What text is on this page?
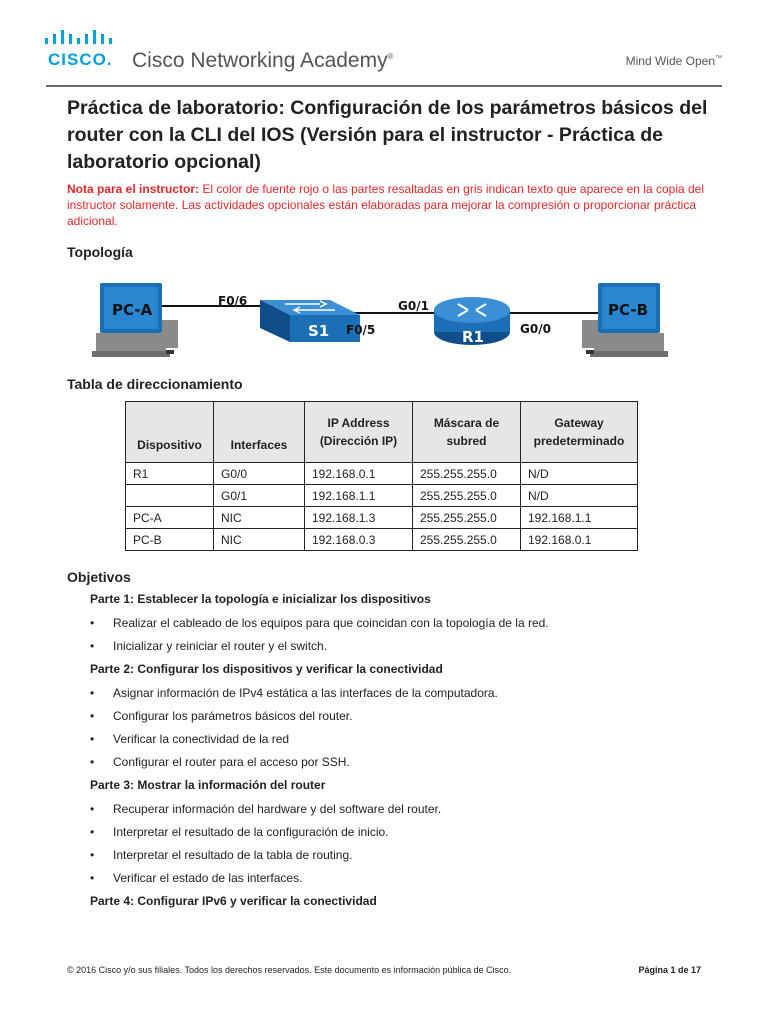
CISCO. Cisco Networking Academy®	Mind Wide Open™
Práctica de laboratorio: Configuración de los parámetros básicos del router con la CLI del IOS (Versión para el instructor - Práctica de laboratorio opcional)
Nota para el instructor: El color de fuente rojo o las partes resaltadas en gris indican texto que aparece en la copia del instructor solamente. Las actividades opcionales están elaboradas para mejorar la compresión o proporcionar práctica adicional.
Topología
PC-A
S1	R1
PC-B
F0/6
F0/5
G0/1
G0/0
Tabla de direccionamiento
Dispositivo	Interfaces	IP Address (Dirección IP)	Máscara de subred	Gateway predeterminado
R1	G0/0	192.168.0.1	255.255.255.0	N/D
	G0/1	192.168.1.1	255.255.255.0	N/D
PC-A	NIC	192.168.1.3	255.255.255.0	192.168.1.1
PC-B	NIC	192.168.0.3	255.255.255.0	192.168.0.1
Objetivos

Parte 1: Establecer la topología e inicializar los dispositivos

• Realizar el cableado de los equipos para que coincidan con la topología de la red.
• Inicializar y reiniciar el router y el switch.

Parte 2: Configurar los dispositivos y verificar la conectividad

• Asignar información de IPv4 estática a las interfaces de la computadora.
• Configurar los parámetros básicos del router.
• Verificar la conectividad de la red
• Configurar el router para el acceso por SSH.

Parte 3: Mostrar la información del router

• Recuperar información del hardware y del software del router.
• Interpretar el resultado de la configuración de inicio.
• Interpretar el resultado de la tabla de routing.
• Verificar el estado de las interfaces.

Parte 4: Configurar IPv6 y verificar la conectividad

© 2016 Cisco y/o sus filiales. Todos los derechos reservados. Este documento es información pública de Cisco.	Página 1 de 17
